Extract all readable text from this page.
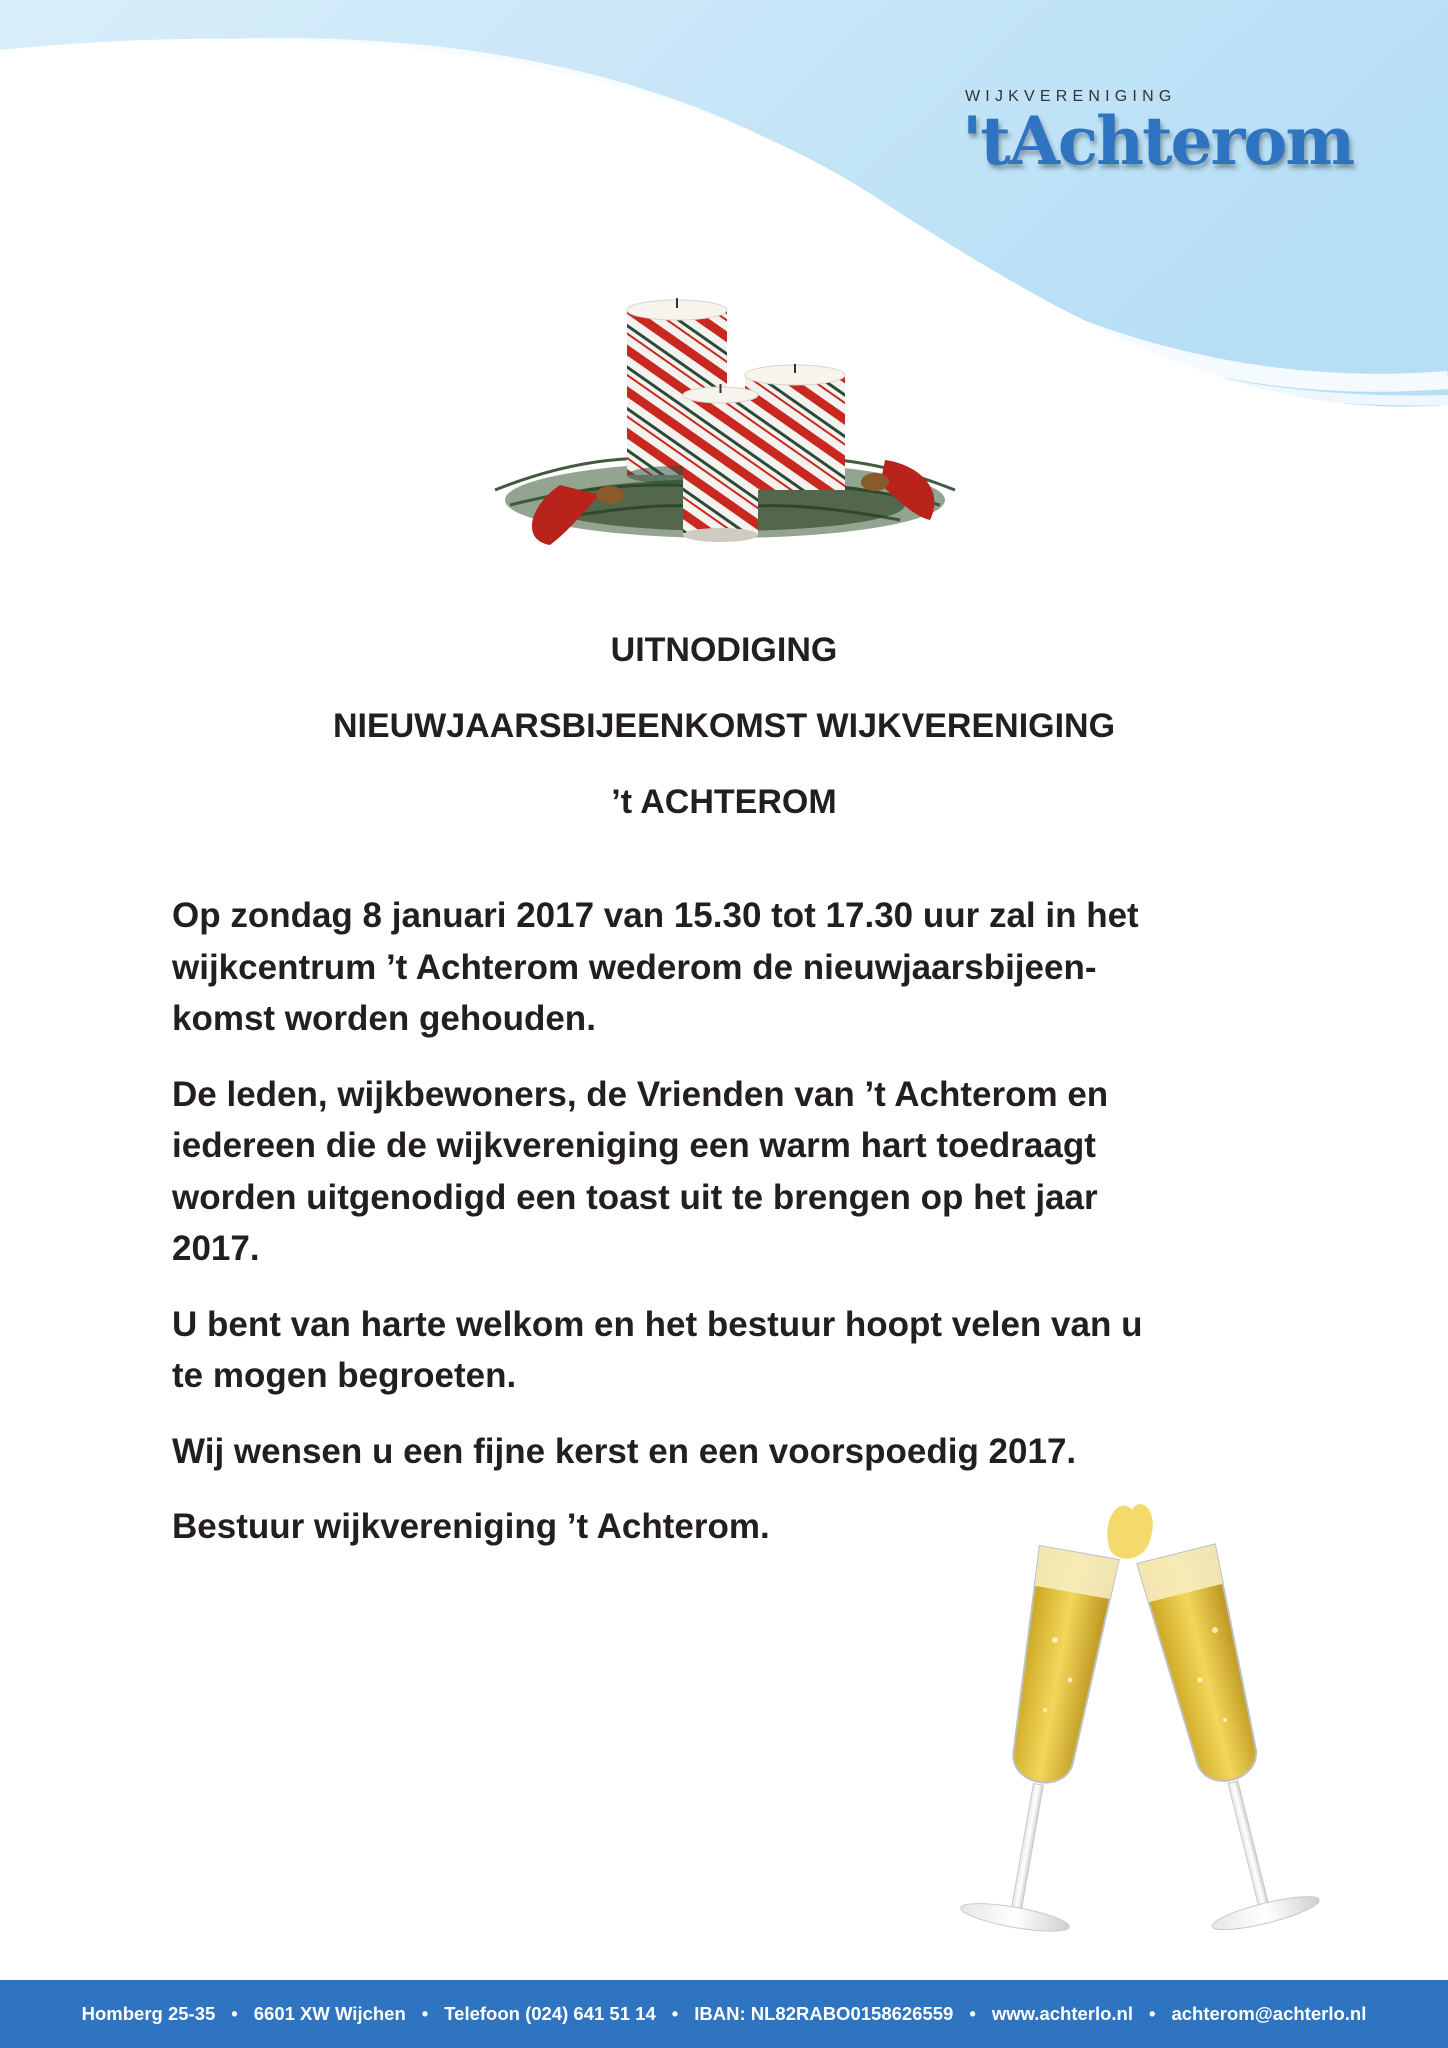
WIJKVERENIGING
'tAchterom
UITNODIGING
NIEUWJAARSBIJEENKOMST WIJKVERENIGING
’t ACHTEROM

Op zondag 8 januari 2017 van 15.30 tot 17.30 uur zal in het
wijkcentrum ’t Achterom wederom de nieuwjaarsbijeen-
komst worden gehouden.

De leden, wijkbewoners, de Vrienden van ’t Achterom en
iedereen die de wijkvereniging een warm hart toedraagt
worden uitgenodigd een toast uit te brengen op het jaar
2017.

U bent van harte welkom en het bestuur hoopt velen van u
te mogen begroeten.

Wij wensen u een fijne kerst en een voorspoedig 2017.

Bestuur wijkvereniging ’t Achterom.

Homberg 25-35 • 6601 XW Wijchen • Telefoon (024) 641 51 14 • IBAN: NL82RABO0158626559 • www.achterlo.nl • achterom@achterlo.nl
